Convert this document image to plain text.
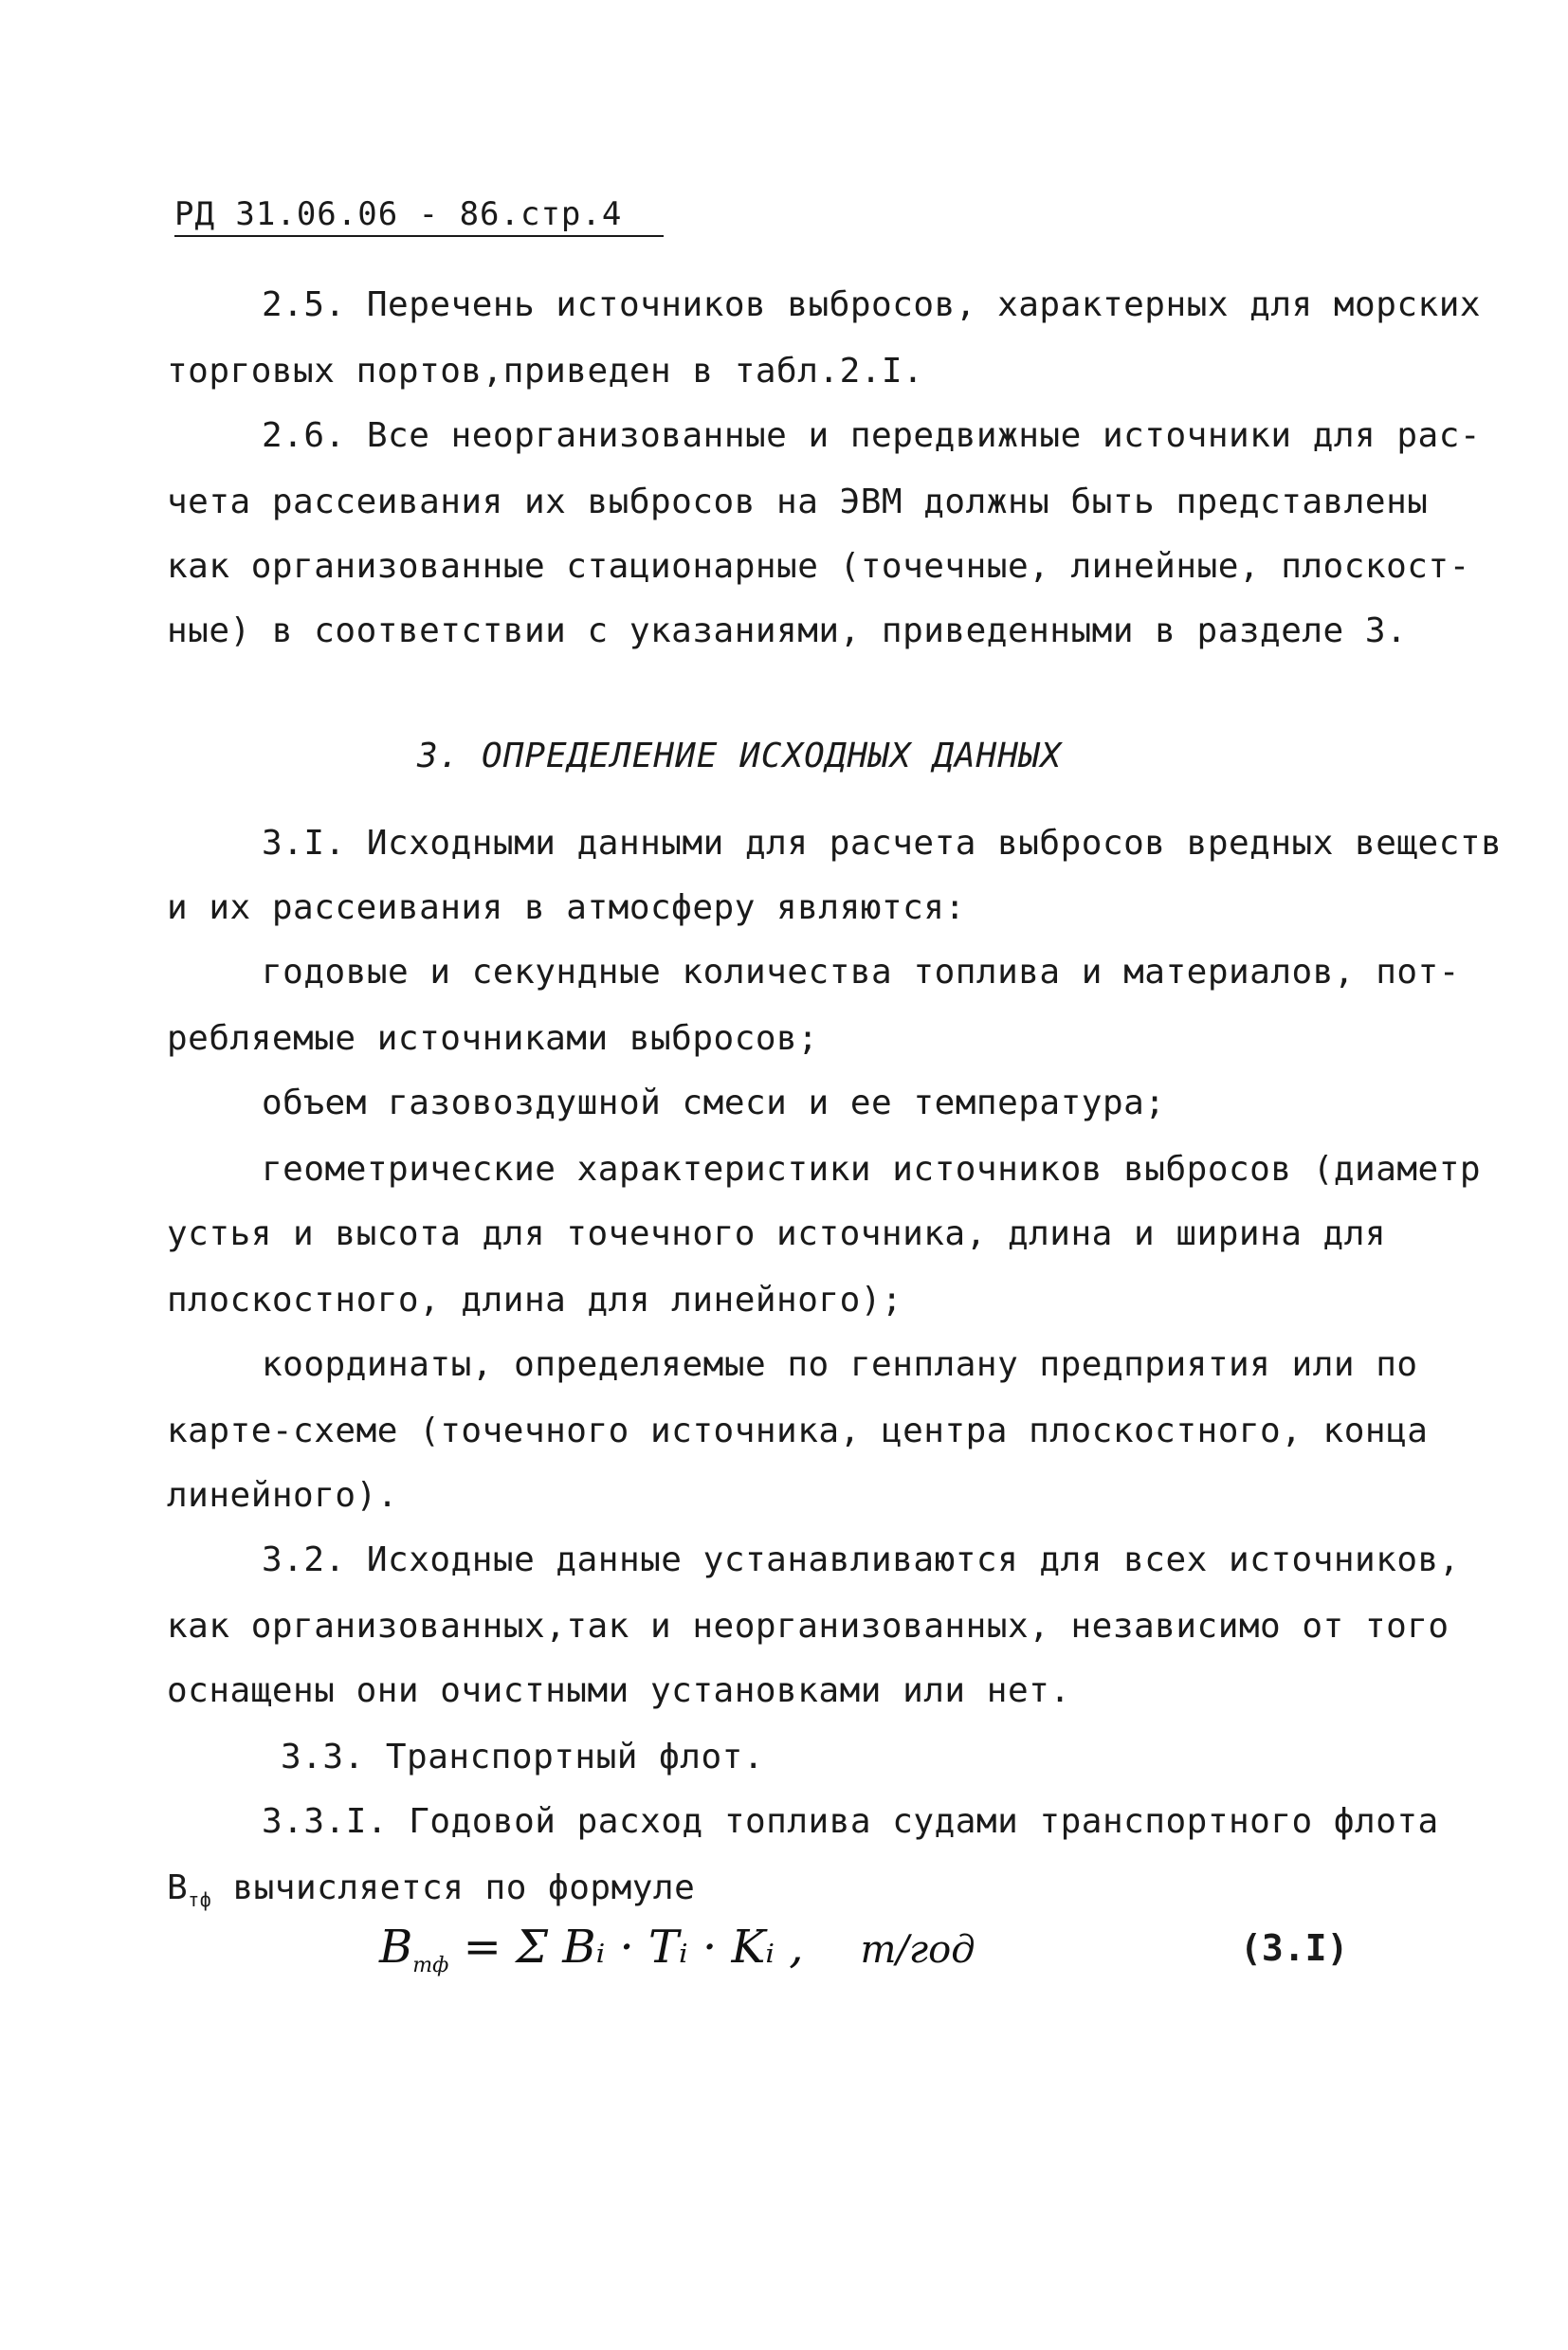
РД 31.06.06 - 86.стр.4
2.5. Перечень источников выбросов, характерных для морских
торговых портов,приведен в табл.2.I.
2.6. Все неорганизованные и передвижные источники для рас-
чета рассеивания их выбросов на ЭВМ должны быть представлены
как организованные стационарные (точечные, линейные, плоскост-
ные) в соответствии с указаниями, приведенными в разделе 3.
3. ОПРЕДЕЛЕНИЕ ИСХОДНЫХ ДАННЫХ
3.I. Исходными данными для расчета выбросов вредных веществ
и их рассеивания в атмосферу являются:
годовые и секундные количества топлива и материалов, пот-
ребляемые источниками выбросов;
объем газовоздушной смеси и ее температура;
геометрические характеристики источников выбросов (диаметр
устья и высота для точечного источника, длина и ширина для
плоскостного, длина для линейного);
координаты, определяемые по генплану предприятия или по
карте-схеме (точечного источника, центра плоскостного, конца
линейного).
3.2. Исходные данные устанавливаются для всех источников,
как организованных,так и неорганизованных, независимо от того
оснащены они очистными установками или нет.
3.3. Транспортный флот.
3.3.I. Годовой расход топлива судами транспортного флота
$B_{тф}$ вычисляется по формуле
$B_{тф} = \Sigma$ Bᵢ · Tᵢ · Kᵢ , т/год	(3.I)
